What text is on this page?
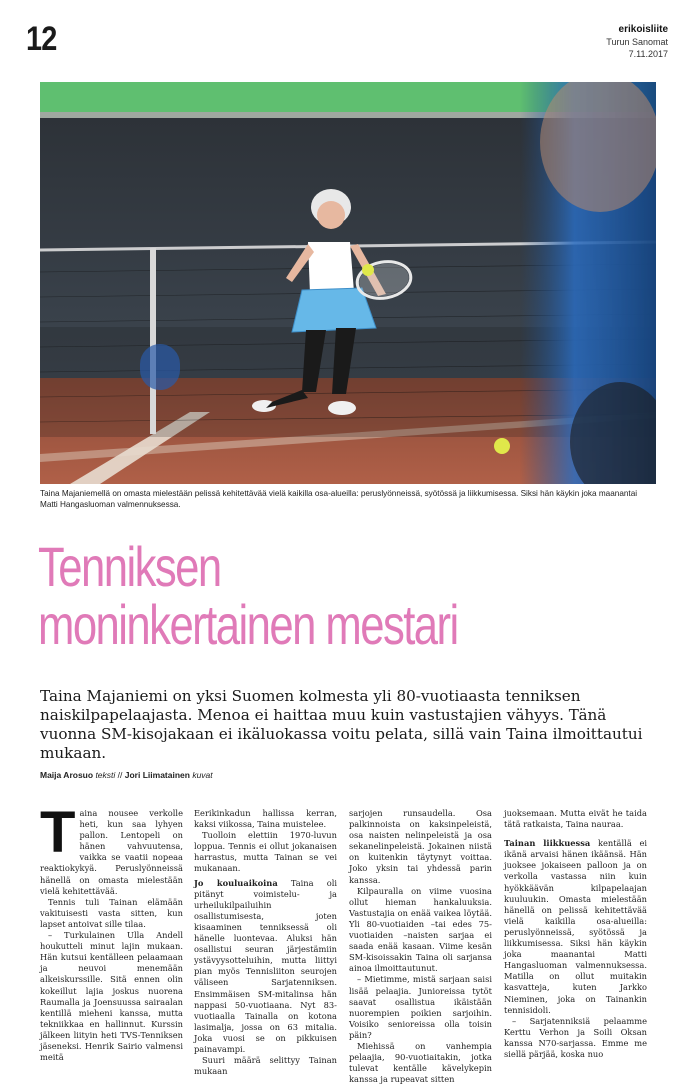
12	erikoisliite
Turun Sanomat
7.11.2017
Taina Majaniemellä on omasta mielestään pelissä kehitettävää vielä kaikilla osa-alueilla: peruslyönneissä, syötössä ja liikkumisessa. Siksi hän käykin joka maanantai Matti Hangasluoman valmennuksessa.
Tenniksen
moninkertainen mestari
Taina Majaniemi on yksi Suomen kolmesta yli 80-vuotiaasta tenniksen naiskilpapelaajasta. Menoa ei haittaa muu kuin vastustajien vähyys. Tänä vuonna SM-kisojakaan ei ikäluokassa voitu pelata, sillä vain Taina ilmoittautui mukaan.
Maija Arosuo teksti // Jori Liimatainen kuvat

Taina nousee verkolle heti, kun saa lyhyen pallon. Lentopeli on hänen vahvuutensa, vaikka se vaatii nopeaa reaktiokykyä. Peruslyönneissä hänellä on omasta mielestään vielä kehitettävää.

Tennis tuli Tainan elämään vakituisesti vasta sitten, kun lapset antoivat sille tilaa.

– Turkulainen Ulla Andell houkutteli minut lajin mukaan. Hän kutsui kentälleen pelaamaan ja neuvoi menemään alkeiskurssille. Sitä ennen olin kokeillut lajia joskus nuorena Raumalla ja Joensuussa sairaalan kentillä mieheni kanssa, mutta tekniikkaa en hallinnut. Kurssin jälkeen liityin heti TVS-Tenniksen jäseneksi. Henrik Sairio valmensi meitä

Eerikinkadun hallissa kerran, kaksi viikossa, Taina muistelee.

Tuolloin elettiin 1970-luvun loppua. Tennis ei ollut jokanaisen harrastus, mutta Tainan se vei mukanaan.

Jo kouluaikoina Taina oli pitänyt voimistelu- ja urheilukilpailuihin osallistumisesta, joten kisaaminen tenniksessä oli hänelle luontevaa. Aluksi hän osallistui seuran järjestämiin ystävyysotteluihin, mutta liittyi pian myös Tennisliiton seurojen väliseen Sarjatenniksen. Ensimmäisen SM-mitalinsa hän nappasi 50-vuotiaana. Nyt 83-vuotiaalla Tainalla on kotona lasimalja, jossa on 63 mitalia. Joka vuosi se on pikkuisen painavampi.

Suuri määrä selittyy Tainan mukaan

sarjojen runsaudella. Osa palkinnoista on kaksinpeleistä, osa naisten nelinpeleistä ja osa sekanelinpeleistä. Jokainen niistä on kuitenkin täytynyt voittaa. Joko yksin tai yhdessä parin kanssa.

Kilpauralla on viime vuosina ollut hieman hankaluuksia. Vastustajia on enää vaikea löytää. Yli 80-vuotiaiden –tai edes 75-vuotiaiden –naisten sarjaa ei saada enää kasaan. Viime kesän SM-kisoissakin Taina oli sarjansa ainoa ilmoittautunut.

– Mietimme, mistä sarjaan saisi lisää pelaajia. Junioreissa tytöt saavat osallistua ikäistään nuorempien poikien sarjoihin. Voisiko senioreissa olla toisin päin?

Miehissä on vanhempia pelaajia, 90-vuotiaitakin, jotka tulevat kentälle kävelykepin kanssa ja rupeavat sitten

juoksemaan. Mutta eivät he taida tätä ratkaista, Taina nauraa.

Tainan liikkuessa kentällä ei ikänä arvaisi hänen ikäänsä. Hän juoksee jokaiseen palloon ja on verkolla vastassa niin kuin hyökkäävän kilpapelaajan kuuluukin. Omasta mielestään hänellä on pelissä kehitettävää vielä kaikilla osa-alueilla: peruslyönneissä, syötössä ja liikkumisessa. Siksi hän käykin joka maanantai Matti Hangasluoman valmennuksessa. Matilla on ollut muitakin kasvatteja, kuten Jarkko Nieminen, joka on Tainankin tennisidoli.

– Sarjatenniksiä pelaamme Kerttu Verhon ja Soili Oksan kanssa N70-sarjassa. Emme me siellä pärjää, koska nuo
